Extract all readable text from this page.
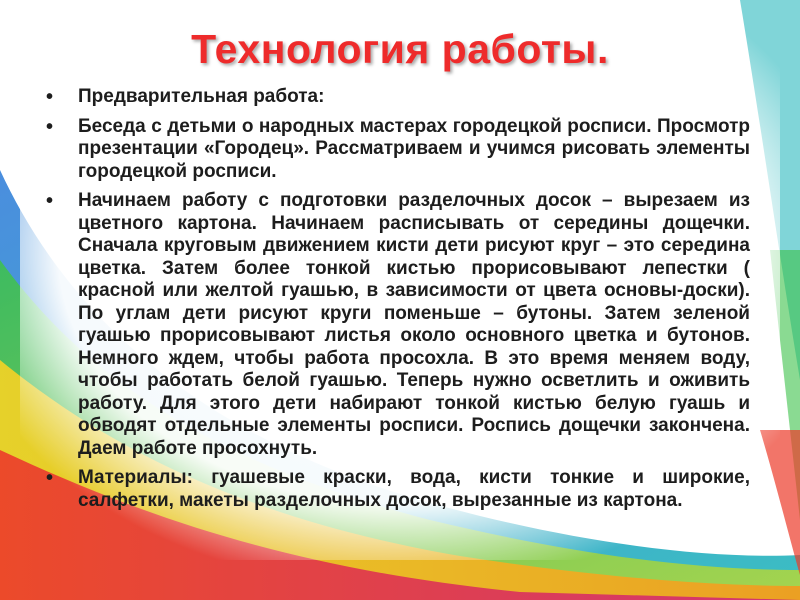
Технология работы.
• Предварительная работа:
• Беседа с детьми о народных мастерах городецкой росписи. Просмотр презентации «Городец». Рассматриваем и учимся рисовать элементы городецкой росписи.
• Начинаем работу с подготовки разделочных досок – вырезаем из цветного картона. Начинаем расписывать от середины дощечки. Сначала круговым движением кисти дети рисуют круг – это середина цветка. Затем более тонкой кистью прорисовывают лепестки ( красной или желтой гуашью, в зависимости от цвета основы-доски). По углам дети рисуют круги поменьше – бутоны. Затем зеленой гуашью прорисовывают листья около основного цветка и бутонов. Немного ждем, чтобы работа просохла. В это время меняем воду, чтобы работать белой гуашью. Теперь нужно осветлить и оживить работу. Для этого дети набирают тонкой кистью белую гуашь и обводят отдельные элементы росписи. Роспись дощечки закончена. Даем работе просохнуть.
• Материалы: гуашевые краски, вода, кисти тонкие и широкие, салфетки, макеты разделочных досок, вырезанные из картона.
